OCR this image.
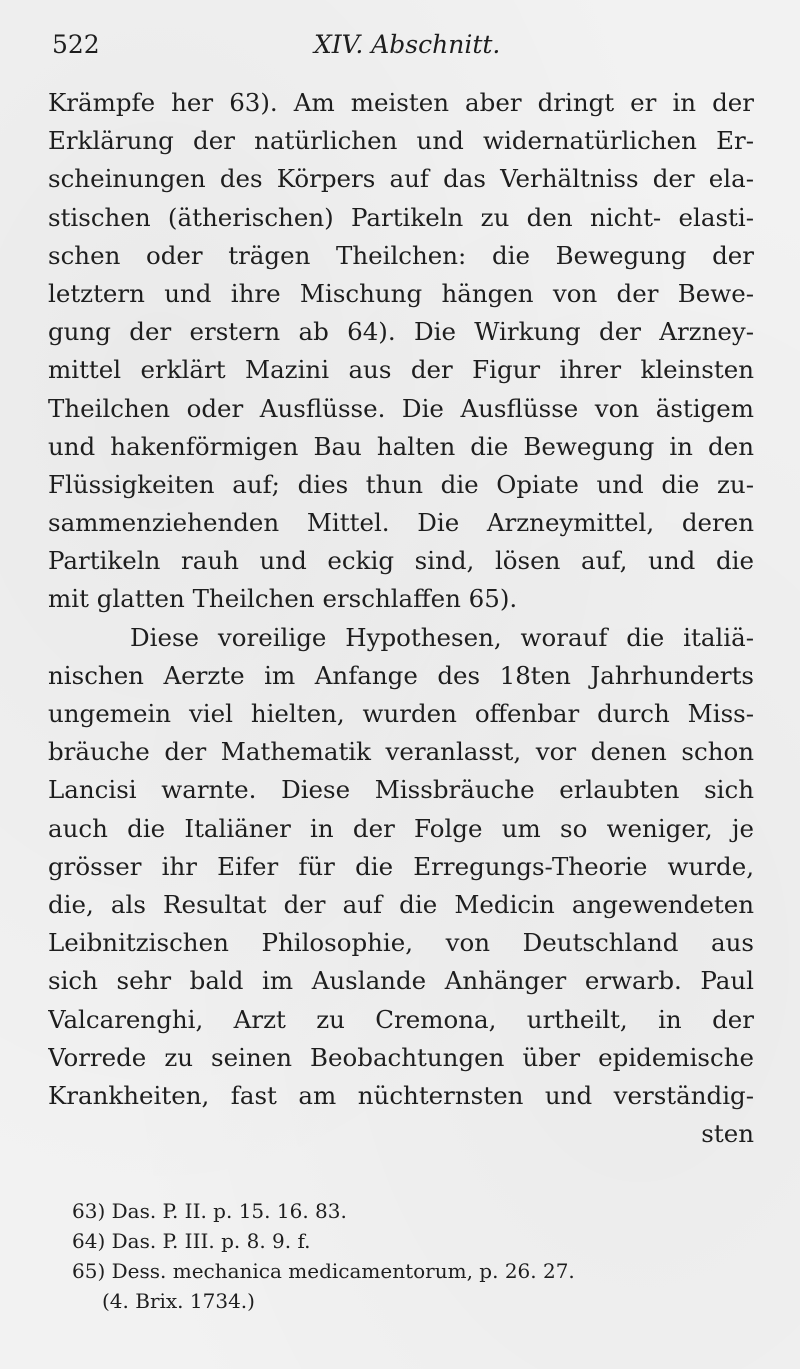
522	XIV. Abschnitt.
Krämpfe her 63). Am meisten aber dringt er in der
Erklärung der natürlichen und widernatürlichen Er-
scheinungen des Körpers auf das Verhältniss der ela-
stischen (ätherischen) Partikeln zu den nicht- elasti-
schen oder trägen Theilchen: die Bewegung der
letztern und ihre Mischung hängen von der Bewe-
gung der erstern ab 64). Die Wirkung der Arzney-
mittel erklärt Mazini aus der Figur ihrer kleinsten
Theilchen oder Ausflüsse. Die Ausflüsse von ästigem
und hakenförmigen Bau halten die Bewegung in den
Flüssigkeiten auf; dies thun die Opiate und die zu-
sammenziehenden Mittel. Die Arzneymittel, deren
Partikeln rauh und eckig sind, lösen auf, und die
mit glatten Theilchen erschlaffen 65).
Diese voreilige Hypothesen, worauf die italiä-
nischen Aerzte im Anfange des 18ten Jahrhunderts
ungemein viel hielten, wurden offenbar durch Miss-
bräuche der Mathematik veranlasst, vor denen schon
Lancisi warnte. Diese Missbräuche erlaubten sich
auch die Italiäner in der Folge um so weniger, je
grösser ihr Eifer für die Erregungs-Theorie wurde,
die, als Resultat der auf die Medicin angewendeten
Leibnitzischen Philosophie, von Deutschland aus
sich sehr bald im Auslande Anhänger erwarb. Paul
Valcarenghi, Arzt zu Cremona, urtheilt, in der
Vorrede zu seinen Beobachtungen über epidemische
Krankheiten, fast am nüchternsten und verständig-
sten
63) Das. P. II. p. 15. 16. 83.
64) Das. P. III. p. 8. 9. f.
65) Dess. mechanica medicamentorum, p. 26. 27.
(4. Brix. 1734.)
